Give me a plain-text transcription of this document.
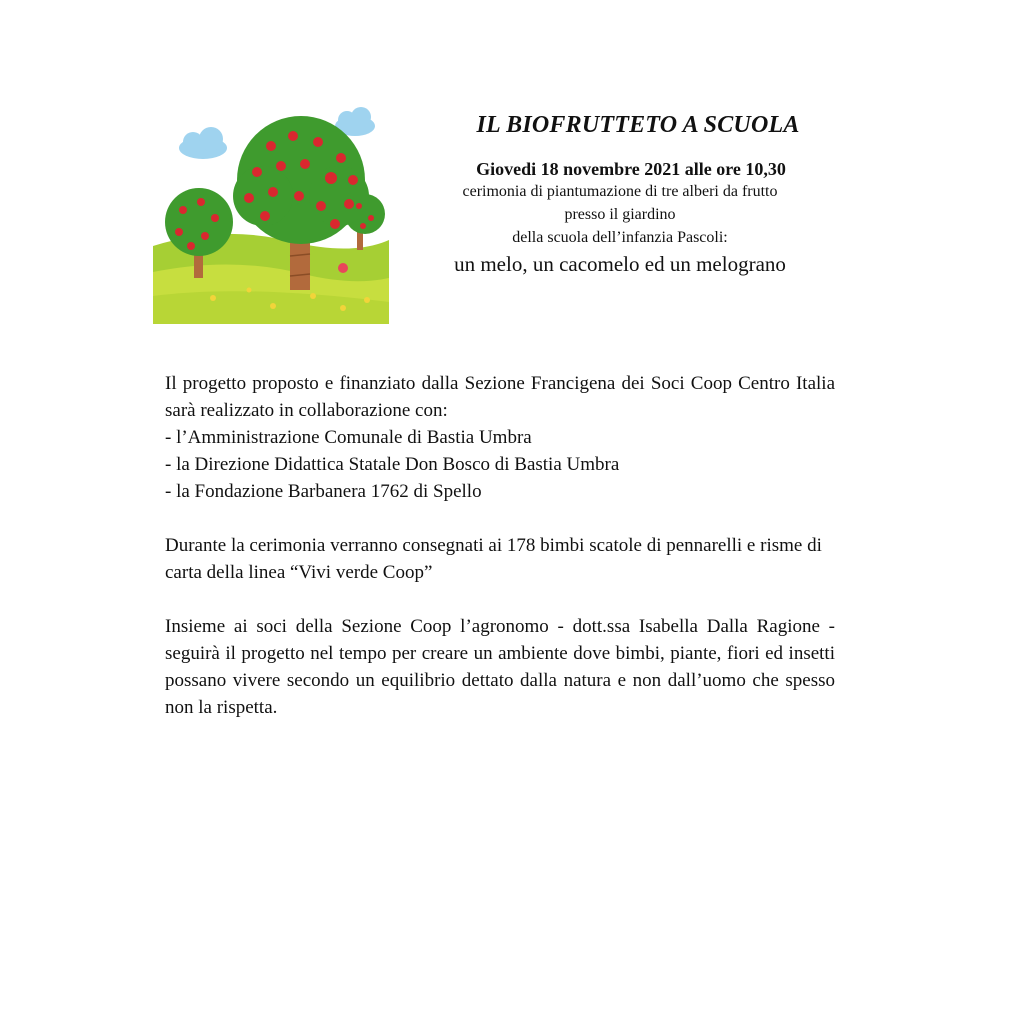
IL BIOFRUTTETO A SCUOLA
Giovedi 18 novembre 2021 alle ore 10,30
cerimonia di piantumazione di tre alberi da frutto
presso il giardino
della scuola dell’infanzia Pascoli:
un melo, un cacomelo ed un melograno

Il progetto proposto e finanziato dalla Sezione Francigena dei Soci Coop Centro Italia sarà realizzato in collaborazione con:

- l’Amministrazione Comunale di Bastia Umbra
- la Direzione Didattica Statale Don Bosco di Bastia Umbra
- la Fondazione Barbanera 1762 di Spello

Durante la cerimonia verranno consegnati ai 178 bimbi scatole di pennarelli e risme di carta della linea “Vivi verde Coop”

Insieme ai soci della Sezione Coop l’agronomo - dott.ssa Isabella Dalla Ragione - seguirà il progetto nel tempo per creare un ambiente dove bimbi, piante, fiori ed insetti possano vivere secondo un equilibrio dettato dalla natura e non dall’uomo che spesso non la rispetta.
